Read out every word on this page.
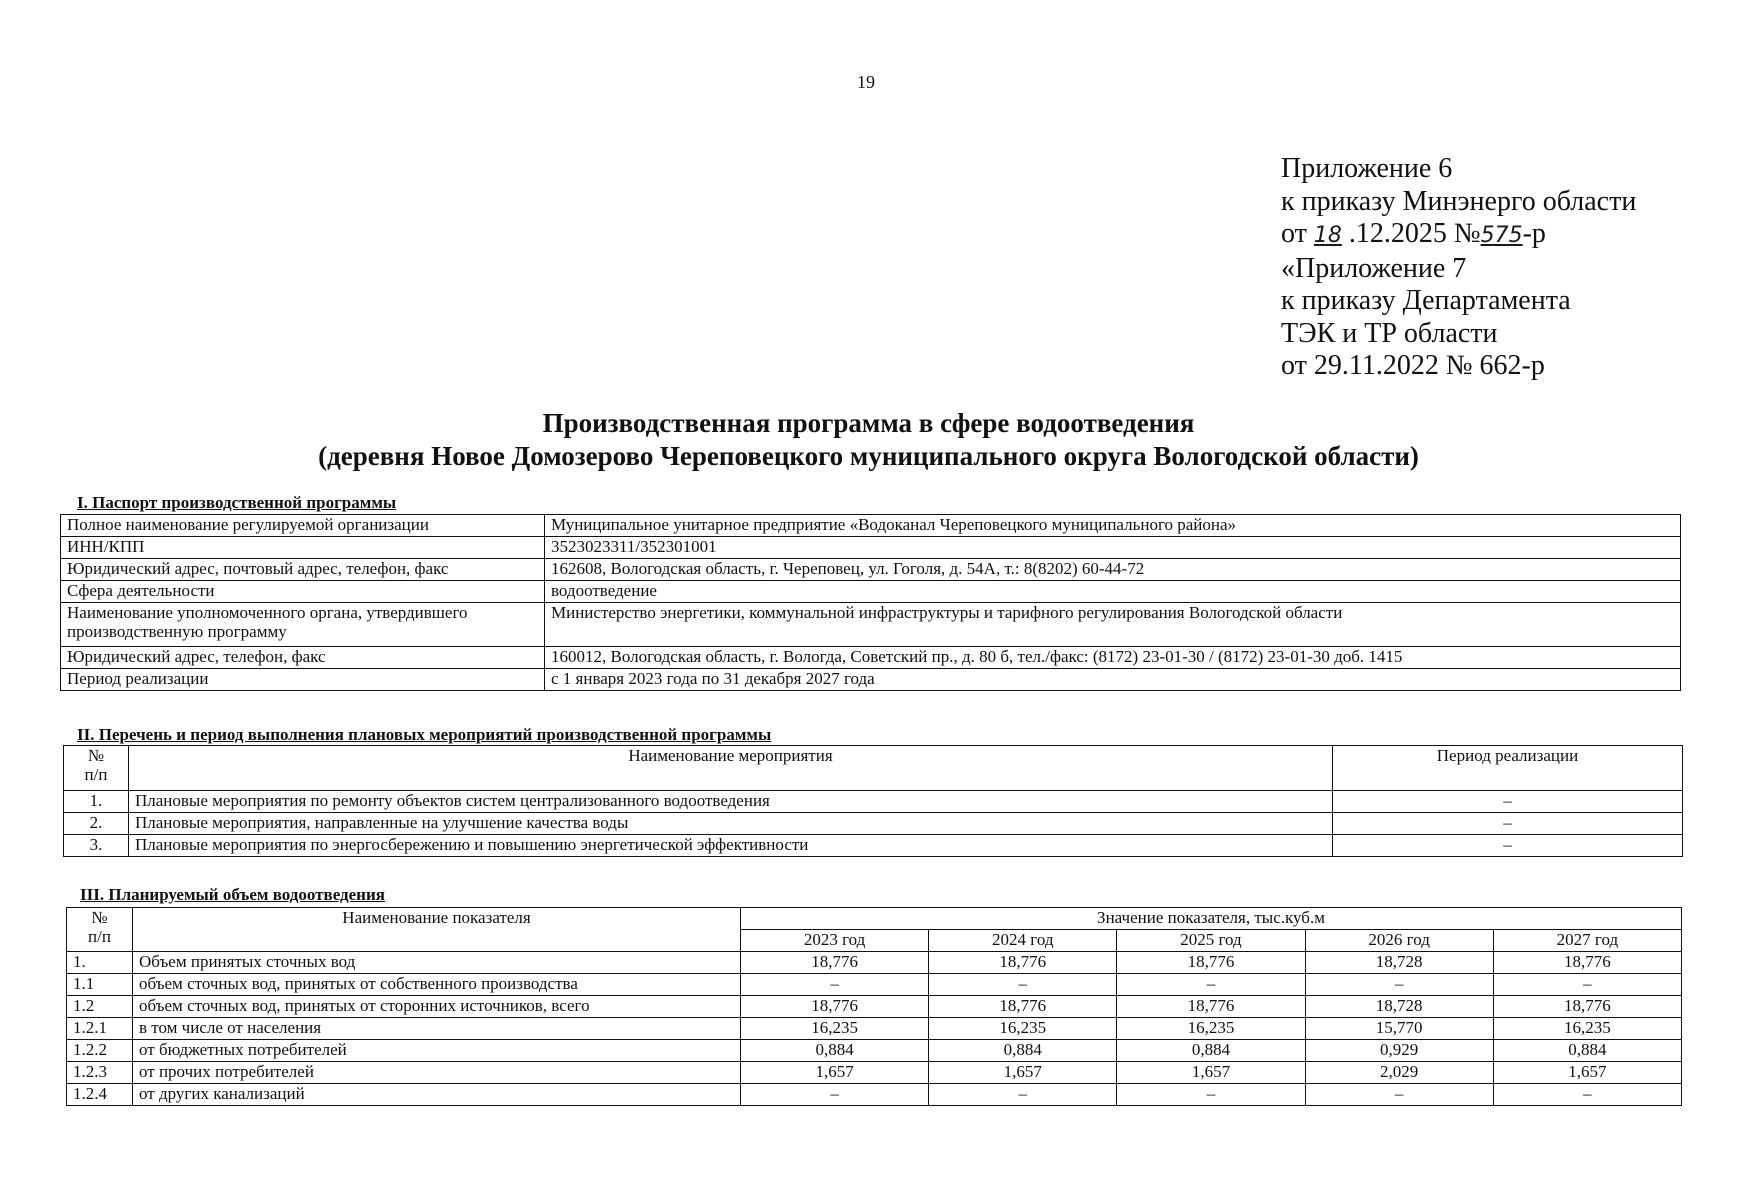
19
Приложение 6
к приказу Минэнерго области
от 18 .12.2025 №575-р
«Приложение 7
к приказу Департамента
ТЭК и ТР области
от 29.11.2022 № 662-р
Производственная программа в сфере водоотведения
(деревня Новое Домозерово Череповецкого муниципального округа Вологодской области)
I. Паспорт производственной программы
Полное наименование регулируемой организации	Муниципальное унитарное предприятие «Водоканал Череповецкого муниципального района»
ИНН/КПП	3523023311/352301001
Юридический адрес, почтовый адрес, телефон, факс	162608, Вологодская область, г. Череповец, ул. Гоголя, д. 54А, т.: 8(8202) 60-44-72
Сфера деятельности	водоотведение
Наименование уполномоченного органа, утвердившего производственную программу	Министерство энергетики, коммунальной инфраструктуры и тарифного регулирования Вологодской области
Юридический адрес, телефон, факс	160012, Вологодская область, г. Вологда, Советский пр., д. 80 б, тел./факс: (8172) 23-01-30 / (8172) 23-01-30 доб. 1415
Период реализации	с 1 января 2023 года по 31 декабря 2027 года
II. Перечень и период выполнения плановых мероприятий производственной программы
№
п/п	Наименование мероприятия	Период реализации
1.	Плановые мероприятия по ремонту объектов систем централизованного водоотведения	–
2.	Плановые мероприятия, направленные на улучшение качества воды	–
3.	Плановые мероприятия по энергосбережению и повышению энергетической эффективности	–
III. Планируемый объем водоотведения
№
п/п	Наименование показателя	Значение показателя, тыс.куб.м				
		2023 год	2024 год	2025 год	2026 год	2027 год
1.	Объем принятых сточных вод	18,776	18,776	18,776	18,728	18,776
1.1	объем сточных вод, принятых от собственного производства	–	–	–	–	–
1.2	объем сточных вод, принятых от сторонних источников, всего	18,776	18,776	18,776	18,728	18,776
1.2.1	в том числе от населения	16,235	16,235	16,235	15,770	16,235
1.2.2	от бюджетных потребителей	0,884	0,884	0,884	0,929	0,884
1.2.3	от прочих потребителей	1,657	1,657	1,657	2,029	1,657
1.2.4	от других канализаций	–	–	–	–	–
